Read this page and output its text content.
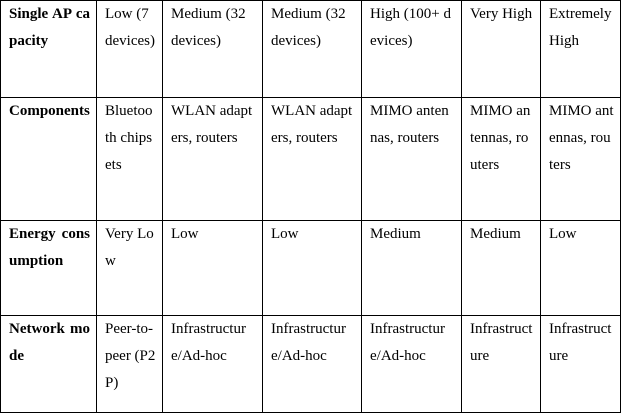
Single AP capacity	Low (7 devices)	Medium (32 devices)	Medium (32 devices)	High (100+ devices)	Very High	Extremely High
Components	Bluetooth chipsets	WLAN adapters, routers	WLAN adapters, routers	MIMO antennas, routers	MIMO antennas, routers	MIMO antennas, routers
Energy consumption	Very Low	Low	Low	Medium	Medium	Low
Network mode	Peer-to-peer (P2P)	Infrastructure/Ad-hoc	Infrastructure/Ad-hoc	Infrastructure/Ad-hoc	Infrastructure	Infrastructure
